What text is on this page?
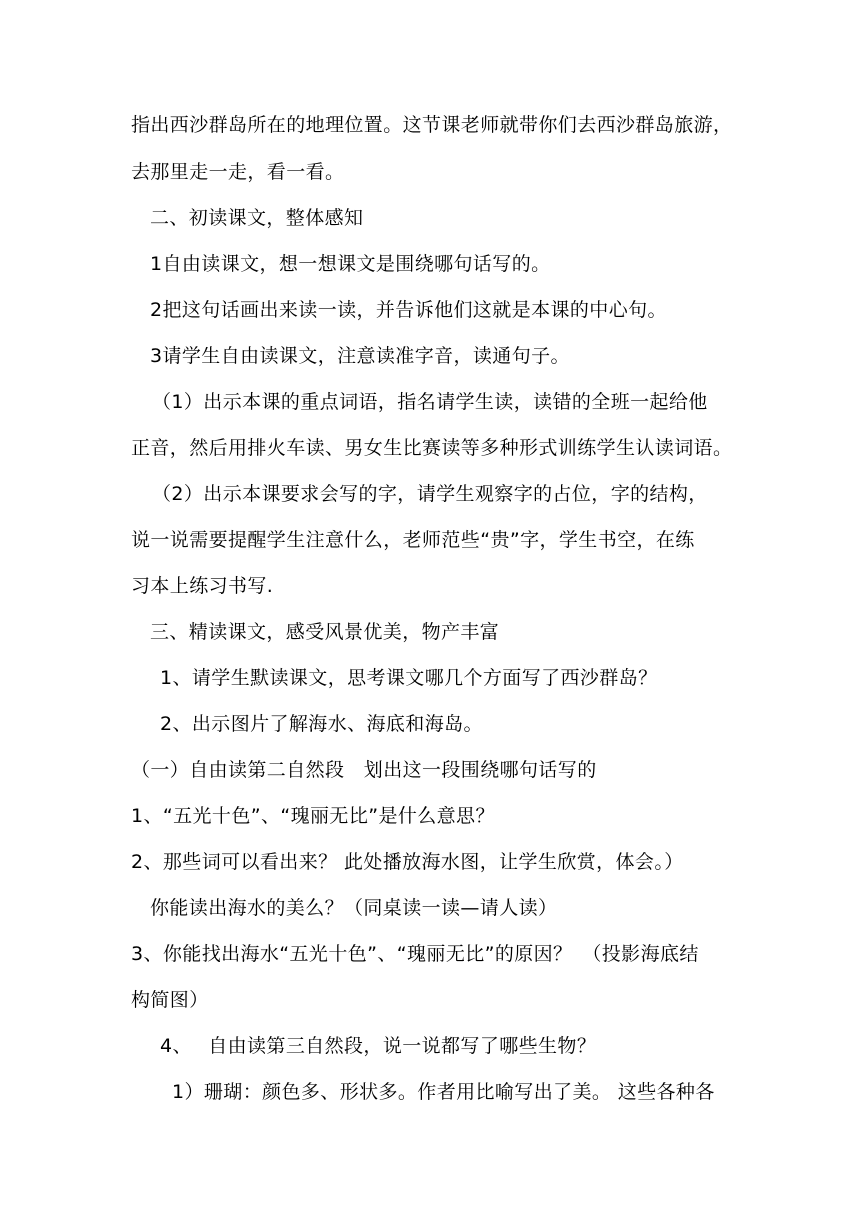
指出西沙群岛所在的地理位置。这节课老师就带你们去西沙群岛旅游，
去那里走一走，看一看。
二、初读课文，整体感知
1自由读课文，想一想课文是围绕哪句话写的。
2把这句话画出来读一读，并告诉他们这就是本课的中心句。
3请学生自由读课文，注意读准字音，读通句子。
（1）出示本课的重点词语，指名请学生读，读错的全班一起给他
正音，然后用排火车读、男女生比赛读等多种形式训练学生认读词语。
（2）出示本课要求会写的字，请学生观察字的占位，字的结构，
说一说需要提醒学生注意什么，老师范些“贵”字，学生书空，在练
习本上练习书写.
三、精读课文，感受风景优美，物产丰富
1、请学生默读课文，思考课文哪几个方面写了西沙群岛？
2、出示图片了解海水、海底和海岛。
（一）自由读第二自然段　划出这一段围绕哪句话写的
1、“五光十色”、“瑰丽无比”是什么意思？
2、那些词可以看出来？ 此处播放海水图，让学生欣赏，体会。）
你能读出海水的美么？（同桌读一读—请人读）
3、你能找出海水“五光十色”、“瑰丽无比”的原因？　（投影海底结
构简图）
4、　 自由读第三自然段，说一说都写了哪些生物？
1）珊瑚：颜色多、形状多。作者用比喻写出了美。 这些各种各
